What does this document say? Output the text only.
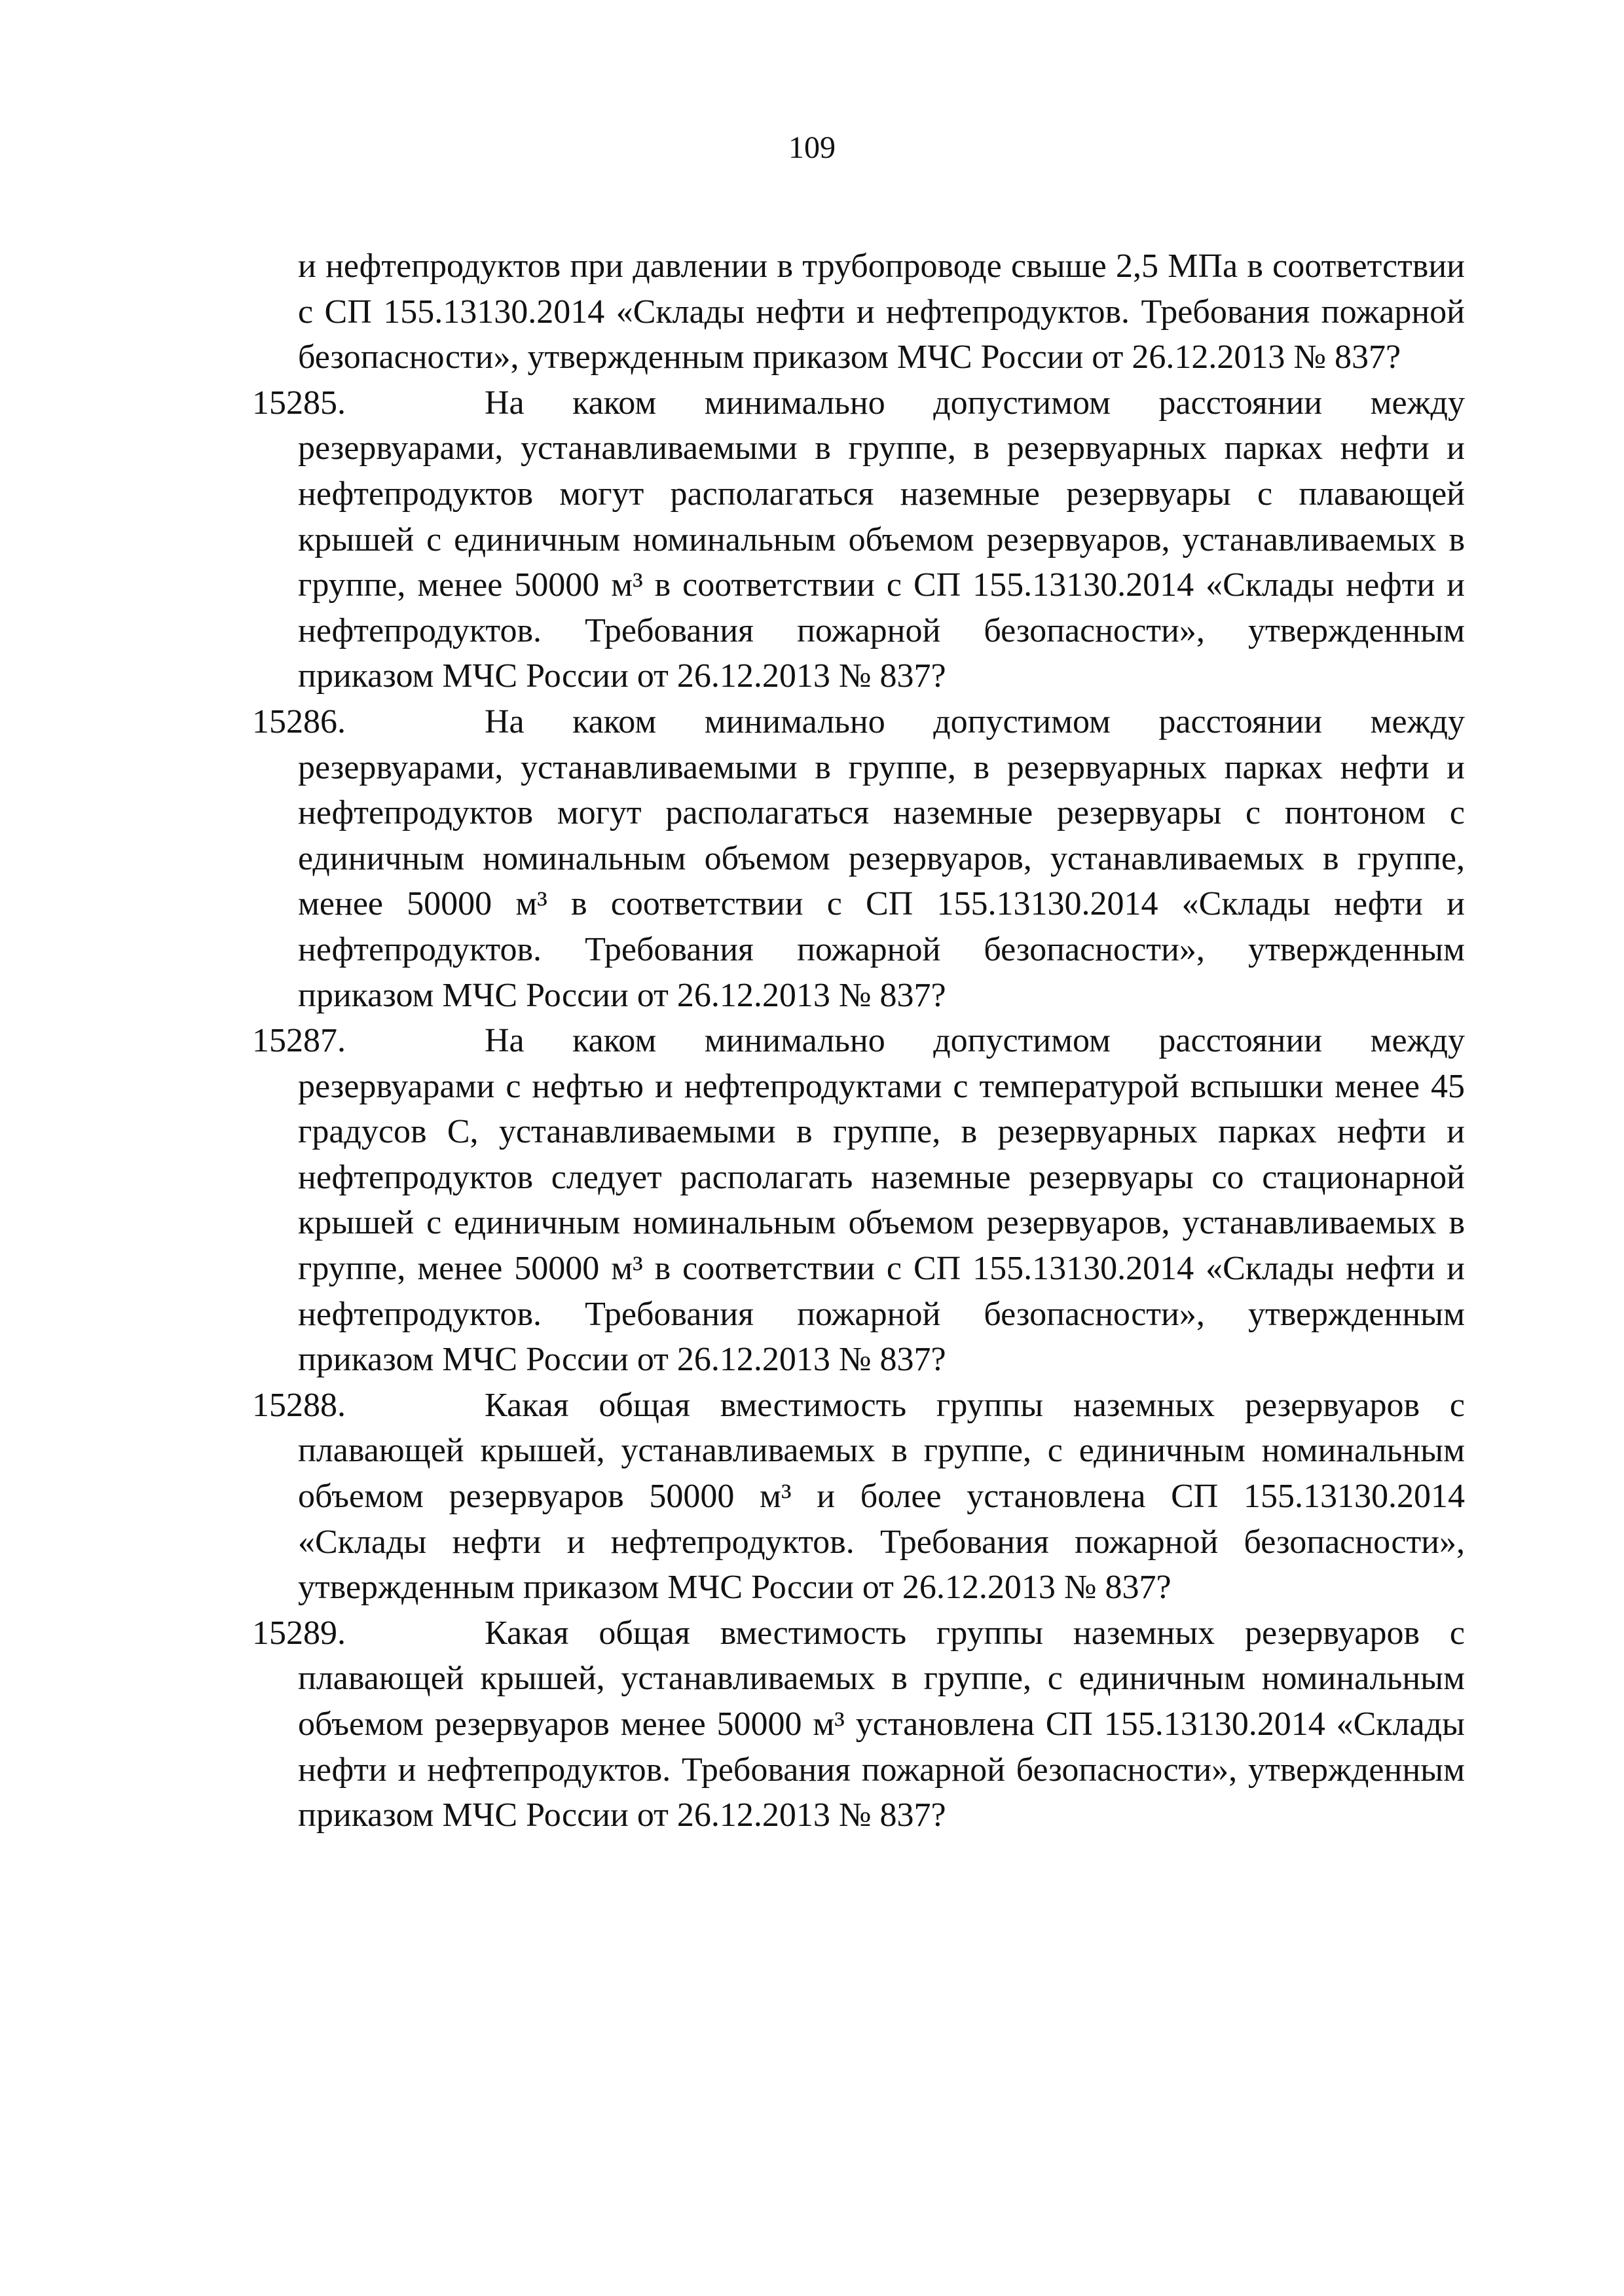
109

и нефтепродуктов при давлении в трубопроводе свыше 2,5 МПа в соответствии с СП 155.13130.2014 «Склады нефти и нефтепродуктов. Требования пожарной безопасности», утвержденным приказом МЧС России от 26.12.2013 № 837?

15285.	На каком минимально допустимом расстоянии между резервуарами, устанавливаемыми в группе, в резервуарных парках нефти и нефтепродуктов могут располагаться наземные резервуары с плавающей крышей с единичным номинальным объемом резервуаров, устанавливаемых в группе, менее 50000 м³ в соответствии с СП 155.13130.2014 «Склады нефти и нефтепродуктов. Требования пожарной безопасности», утвержденным приказом МЧС России от 26.12.2013 № 837?
15286.	На каком минимально допустимом расстоянии между резервуарами, устанавливаемыми в группе, в резервуарных парках нефти и нефтепродуктов могут располагаться наземные резервуары с понтоном с единичным номинальным объемом резервуаров, устанавливаемых в группе, менее 50000 м³ в соответствии с СП 155.13130.2014 «Склады нефти и нефтепродуктов. Требования пожарной безопасности», утвержденным приказом МЧС России от 26.12.2013 № 837?
15287.	На каком минимально допустимом расстоянии между резервуарами с нефтью и нефтепродуктами с температурой вспышки менее 45 градусов С, устанавливаемыми в группе, в резервуарных парках нефти и нефтепродуктов следует располагать наземные резервуары со стационарной крышей с единичным номинальным объемом резервуаров, устанавливаемых в группе, менее 50000 м³ в соответствии с СП 155.13130.2014 «Склады нефти и нефтепродуктов. Требования пожарной безопасности», утвержденным приказом МЧС России от 26.12.2013 № 837?
15288.	Какая общая вместимость группы наземных резервуаров с плавающей крышей, устанавливаемых в группе, с единичным номинальным объемом резервуаров 50000 м³ и более установлена СП 155.13130.2014 «Склады нефти и нефтепродуктов. Требования пожарной безопасности», утвержденным приказом МЧС России от 26.12.2013 № 837?
15289.	Какая общая вместимость группы наземных резервуаров с плавающей крышей, устанавливаемых в группе, с единичным номинальным объемом резервуаров менее 50000 м³ установлена СП 155.13130.2014 «Склады нефти и нефтепродуктов. Требования пожарной безопасности», утвержденным приказом МЧС России от 26.12.2013 № 837?
